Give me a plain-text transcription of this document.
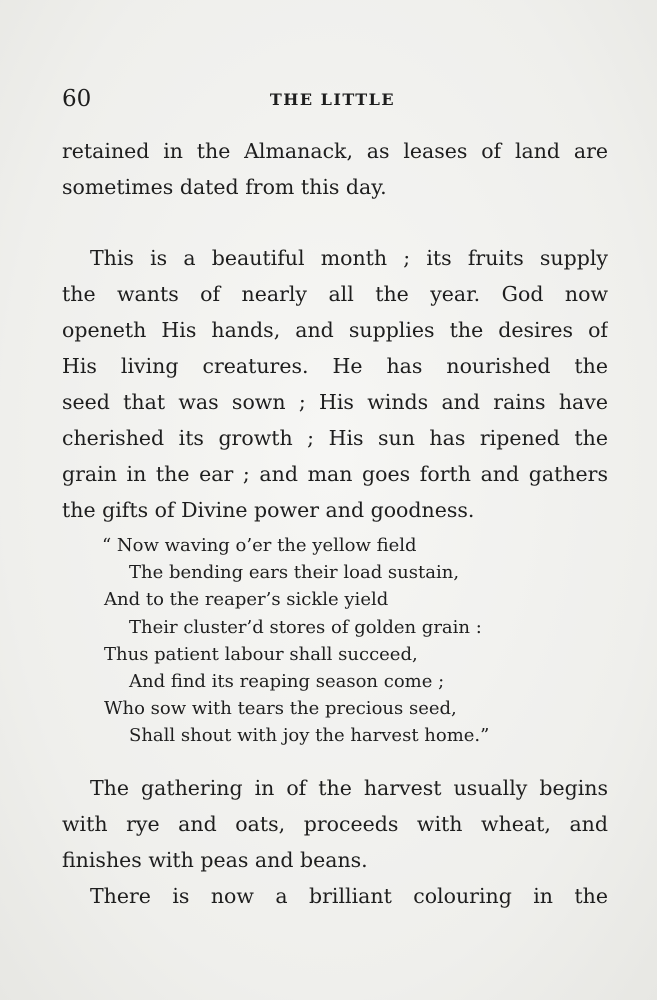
60	THE LITTLE
retained in the Almanack, as leases of land are
sometimes dated from this day.
This is a beautiful month ; its fruits supply
the wants of nearly all the year. God now
openeth His hands, and supplies the desires of
His living creatures. He has nourished the
seed that was sown ; His winds and rains have
cherished its growth ; His sun has ripened the
grain in the ear ; and man goes forth and gathers
the gifts of Divine power and goodness.
“ Now waving o’er the yellow field
The bending ears their load sustain,
And to the reaper’s sickle yield
Their cluster’d stores of golden grain :
Thus patient labour shall succeed,
And find its reaping season come ;
Who sow with tears the precious seed,
Shall shout with joy the harvest home.”
The gathering in of the harvest usually begins
with rye and oats, proceeds with wheat, and
finishes with peas and beans.
There is now a brilliant colouring in the
